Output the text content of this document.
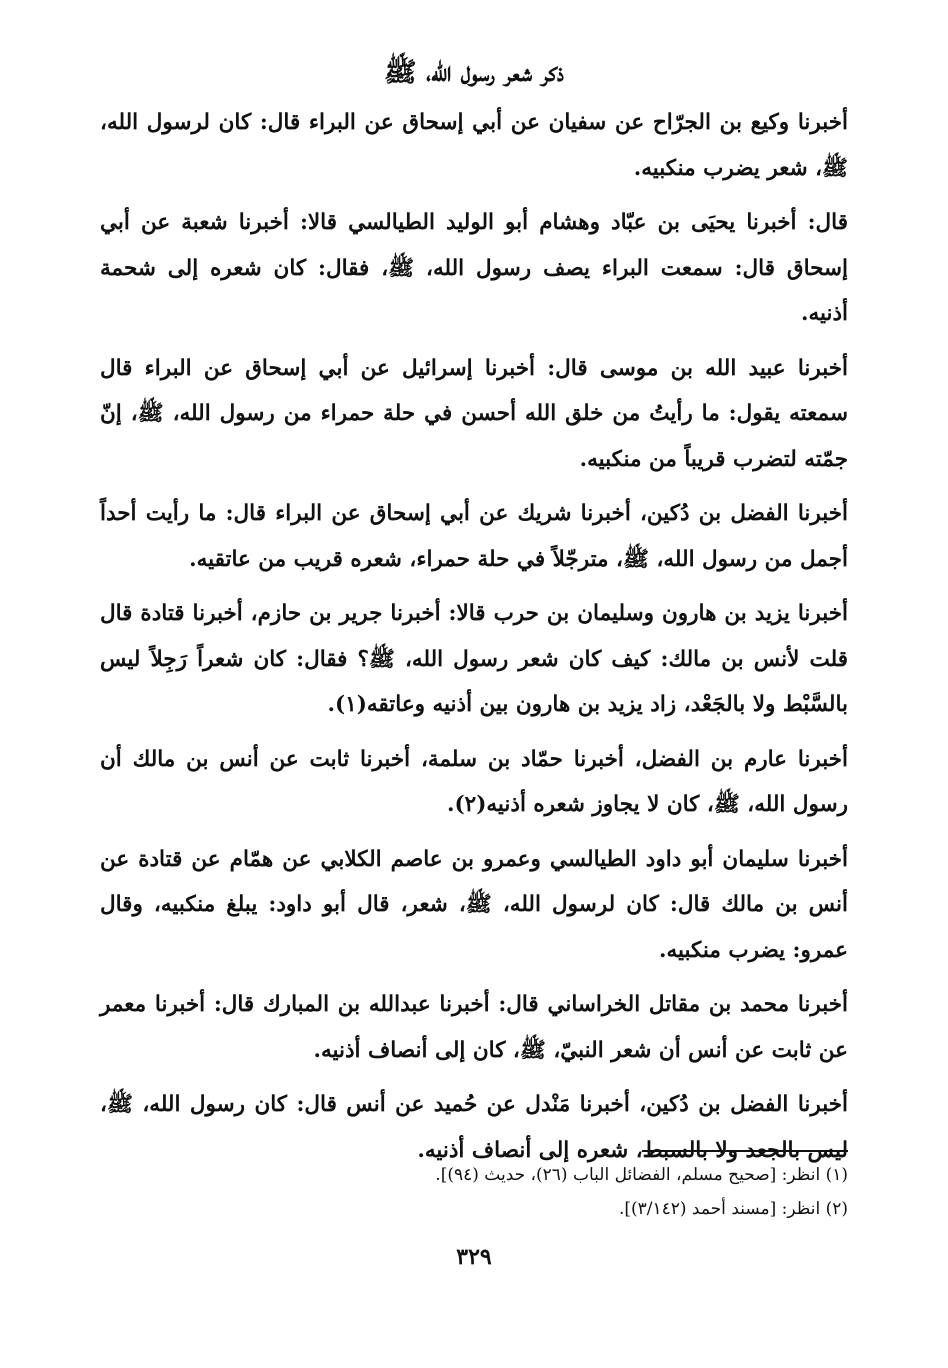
ذكر شعر رسول الله، ﷺ

أخبرنا وكيع بن الجرّاح عن سفيان عن أبي إسحاق عن البراء قال: كان لرسول الله، ﷺ، شعر يضرب منكبيه.

قال: أخبرنا يحيَى بن عبّاد وهشام أبو الوليد الطيالسي قالا: أخبرنا شعبة عن أبي إسحاق قال: سمعت البراء يصف رسول الله، ﷺ، فقال: كان شعره إلى شحمة أذنيه.

أخبرنا عبيد الله بن موسى قال: أخبرنا إسرائيل عن أبي إسحاق عن البراء قال سمعته يقول: ما رأيتُ من خلق الله أحسن في حلة حمراء من رسول الله، ﷺ، إنّ جمّته لتضرب قريباً من منكبيه.

أخبرنا الفضل بن دُكين، أخبرنا شريك عن أبي إسحاق عن البراء قال: ما رأيت أحداً أجمل من رسول الله، ﷺ، مترجّلاً في حلة حمراء، شعره قريب من عاتقيه.

أخبرنا يزيد بن هارون وسليمان بن حرب قالا: أخبرنا جرير بن حازم، أخبرنا قتادة قال قلت لأنس بن مالك: كيف كان شعر رسول الله، ﷺ؟ فقال: كان شعراً رَجِلاً ليس بالسَّبْط ولا بالجَعْد، زاد يزيد بن هارون بين أذنيه وعاتقه(١).

أخبرنا عارم بن الفضل، أخبرنا حمّاد بن سلمة، أخبرنا ثابت عن أنس بن مالك أن رسول الله، ﷺ، كان لا يجاوز شعره أذنيه(٢).

أخبرنا سليمان أبو داود الطيالسي وعمرو بن عاصم الكلابي عن همّام عن قتادة عن أنس بن مالك قال: كان لرسول الله، ﷺ، شعر، قال أبو داود: يبلغ منكبيه، وقال عمرو: يضرب منكبيه.

أخبرنا محمد بن مقاتل الخراساني قال: أخبرنا عبدالله بن المبارك قال: أخبرنا معمر عن ثابت عن أنس أن شعر النبيّ، ﷺ، كان إلى أنصاف أذنيه.

أخبرنا الفضل بن دُكين، أخبرنا مَنْدل عن حُميد عن أنس قال: كان رسول الله، ﷺ، ليس بالجعد ولا بالسبط، شعره إلى أنصاف أذنيه.

(١) انظر: [صحيح مسلم، الفضائل الباب (٢٦)، حديث (٩٤)].

(٢) انظر: [مسند أحمد (٣/١٤٢)].

٣٢٩
